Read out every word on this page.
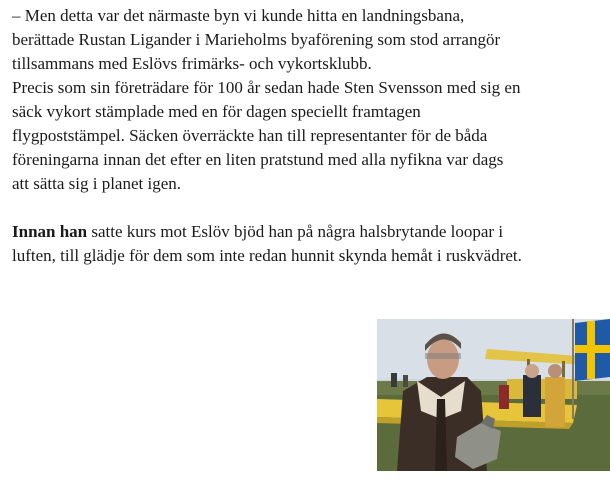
– Men detta var det närmaste byn vi kunde hitta en landningsbana,
berättade Rustan Ligander i Marieholms byaförening som stod arrangör
tillsammans med Eslövs frimärks- och vykortsklubb.

Precis som sin företrädare för 100 år sedan hade Sten Svensson med sig en
säck vykort stämplade med en för dagen speciellt framtagen
flygpoststämpel. Säcken överräckte han till representanter för de båda
föreningarna innan det efter en liten pratstund med alla nyfikna var dags
att sätta sig i planet igen.

Innan han satte kurs mot Eslöv bjöd han på några halsbrytande loopar i
luften, till glädje för dem som inte redan hunnit skynda hemåt i ruskvädret.
